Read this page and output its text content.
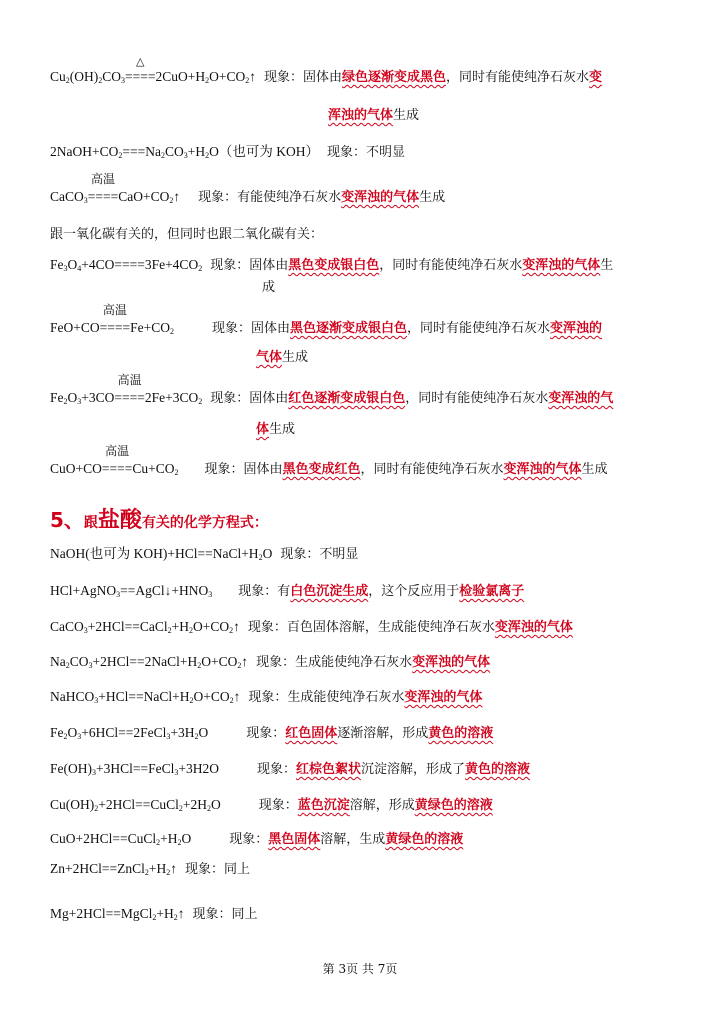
$Cu_2(OH)_2CO_3====$
△
$2CuO+H_2O+CO_2↑$ 现象：固体由绿色逐渐变成黑色，同时有能使纯净石灰水变
浑浊的气体生成
$2NaOH+CO_2===Na_2CO_3+H_2O$（也可为 KOH） 现象：不明显
CaCO$_3$====
高温
$CaO+CO_2↑$ 现象：有能使纯净石灰水变浑浊的气体生成
跟一氧化碳有关的，但同时也跟二氧化碳有关：
$Fe_3O_4+4CO====3Fe+4CO_2$ 现象：固体由黑色变成银白色，同时有能使纯净石灰水变浑浊的气体生
成
FeO+CO====
高温
$Fe+CO_2$	现象：固体由黑色逐渐变成银白色，同时有能使纯净石灰水变浑浊的
气体生成
$Fe_2O_3+3CO====$
高温
$2Fe+3CO_2$ 现象：固体由红色逐渐变成银白色，同时有能使纯净石灰水变浑浊的气
体生成
CuO+CO====
高温
$Cu+CO_2$ 现象：固体由黑色变成红色，同时有能使纯净石灰水变浑浊的气体生成
5、跟盐酸有关的化学方程式：
NaOH(也可为 $KOH)+HCl==NaCl+H_2O$ 现象：不明显
$HCl+AgNO_3==AgCl↓+HNO_3$ 现象：有白色沉淀生成，这个反应用于检验氯离子
$CaCO_3+2HCl==CaCl_2+H_2O+CO_2↑$ 现象：百色固体溶解，生成能使纯净石灰水变浑浊的气体
$Na_2CO_3+2HCl==2NaCl+H_2O+CO_2↑$ 现象：生成能使纯净石灰水变浑浊的气体
$NaHCO_3+HCl==NaCl+H_2O+CO_2↑$ 现象：生成能使纯净石灰水变浑浊的气体
$Fe_2O_3+6HCl==2FeCl_3+3H_2O$	现象：红色固体逐渐溶解，形成黄色的溶液
$Fe(OH)_3+3HCl==FeCl_3+3H2O$	现象：红棕色絮状沉淀溶解，形成了黄色的溶液
$Cu(OH)_2+2HCl==CuCl_2+2H_2O$	现象：蓝色沉淀溶解，形成黄绿色的溶液
$CuO+2HCl==CuCl_2+H_2O$	现象：黑色固体溶解，生成黄绿色的溶液
$Zn+2HCl==ZnCl_2+H_2↑$ 现象：同上
$Mg+2HCl==MgCl_2+H_2↑$ 现象：同上
第 3页 共 7页
